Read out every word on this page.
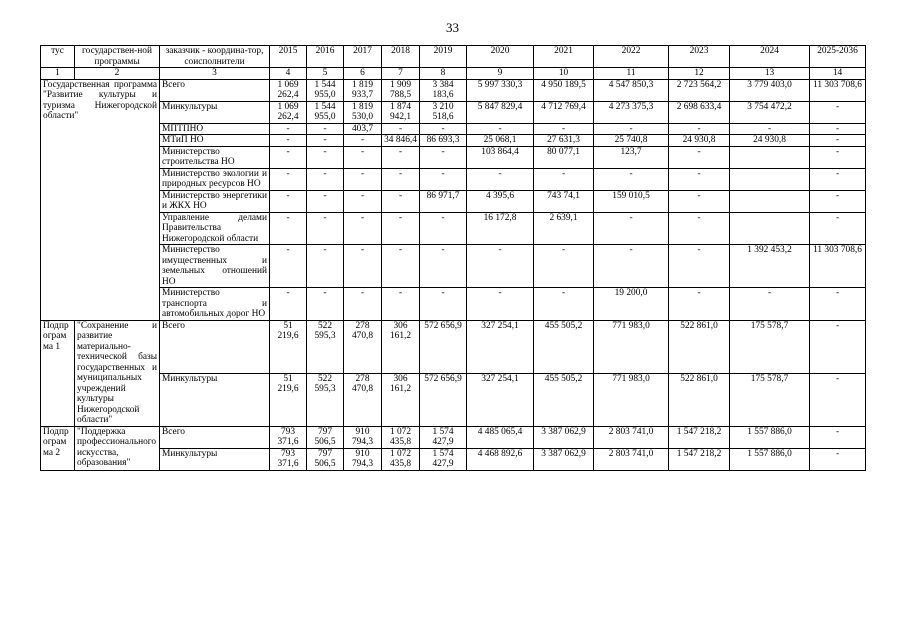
33
тус	государствен-ной программы	заказчик - координа-тор, соисполнители	2015	2016	2017	2018	2019	2020	2021	2022	2023	2024	2025-2036
1	2	3	4	5	6	7	8	9	10	11	12	13	14
Государственная программа "Развитие культуры и туризма Нижегородской области"		Всего	1 069 262,4	1 544 955,0	1 819 933,7	1 909 788,5	3 384 183,6	5 997 330,3	4 950 189,5	4 547 850,3	2 723 564,2	3 779 403,0	11 303 708,6
		Минкультуры	1 069 262,4	1 544 955,0	1 819 530,0	1 874 942,1	3 210 518,6	5 847 829,4	4 712 769,4	4 273 375,3	2 698 633,4	3 754 472,2	-
		МПТПНО	-	-	403,7	-	-	-	-	-	-	-	-
		МТиП НО	-	-	-	34 846,4	86 693,3	25 068,1	27 631,3	25 740,8	24 930,8	24 930,8	-
		Министерство строительства НО	-	-	-	-	-	103 864,4	80 077,1	123,7	-		-
		Министерство экологии и природных ресурсов НО	-	-	-	-	-	-	-	-	-		-
		Министерство энергетики и ЖКХ НО	-	-	-	-	86 971,7	4 395,6	743 74,1	159 010,5	-		-
		Управление делами Правительства Нижегородской области	-	-	-	-	-	16 172,8	2 639,1	-	-		-
		Министерство имущественных и земельных отношений НО	-	-	-	-	-	-	-	-	-	1 392 453,2	11 303 708,6
		Министерство транспорта и автомобильных дорог НО	-	-	-	-	-	-	-	19 200,0	-	-	-
Подпрограмма 1	"Сохранение и развитие материально-технической базы государственных и муниципальных учреждений культуры Нижегородской области"	Всего	51 219,6	522 595,3	278 470,8	306 161,2	572 656,9	327 254,1	455 505,2	771 983,0	522 861,0	175 578,7	-
		Минкультуры	51 219,6	522 595,3	278 470,8	306 161,2	572 656,9	327 254,1	455 505,2	771 983,0	522 861,0	175 578,7	-
Подпрограмма 2	"Поддержка профессионального искусства, образования"	Всего	793 371,6	797 506,5	910 794,3	1 072 435,8	1 574 427,9	4 485 065,4	3 387 062,9	2 803 741,0	1 547 218,2	1 557 886,0	-
		Минкультуры	793 371,6	797 506,5	910 794,3	1 072 435,8	1 574 427,9	4 468 892,6	3 387 062,9	2 803 741,0	1 547 218,2	1 557 886,0	-
